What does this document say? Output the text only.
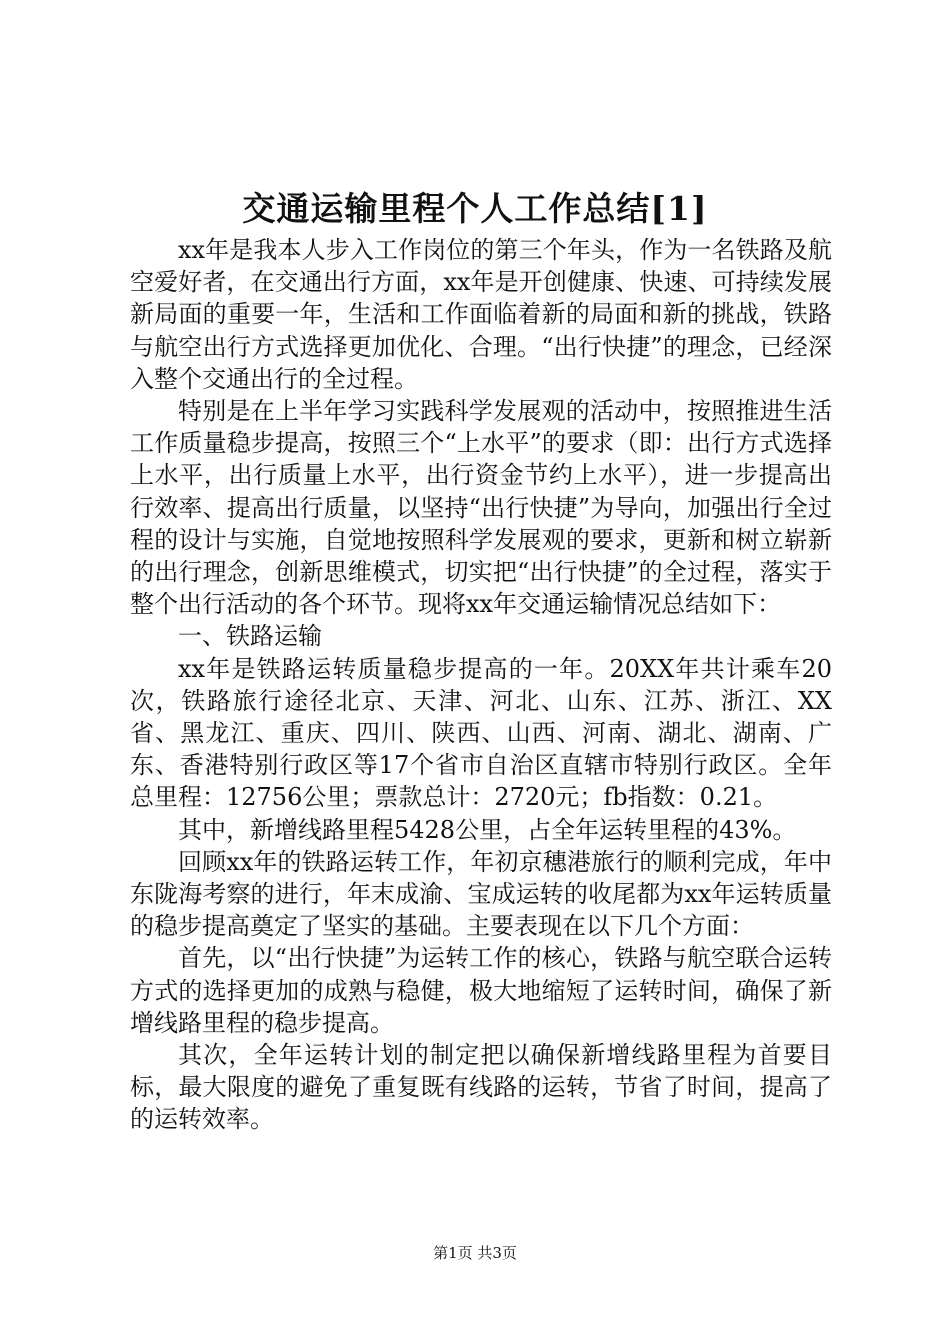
交通运输里程个人工作总结[1]

xx年是我本人步入工作岗位的第三个年头，作为一名铁路及航空爱好者，在交通出行方面，xx年是开创健康、快速、可持续发展新局面的重要一年，生活和工作面临着新的局面和新的挑战，铁路与航空出行方式选择更加优化、合理。“出行快捷”的理念，已经深入整个交通出行的全过程。

特别是在上半年学习实践科学发展观的活动中，按照推进生活工作质量稳步提高，按照三个“上水平”的要求（即：出行方式选择上水平，出行质量上水平，出行资金节约上水平），进一步提高出行效率、提高出行质量，以坚持“出行快捷”为导向，加强出行全过程的设计与实施，自觉地按照科学发展观的要求，更新和树立崭新的出行理念，创新思维模式，切实把“出行快捷”的全过程，落实于整个出行活动的各个环节。现将xx年交通运输情况总结如下：

一、铁路运输

xx年是铁路运转质量稳步提高的一年。20XX年共计乘车20次，铁路旅行途径北京、天津、河北、山东、江苏、浙江、XX省、黑龙江、重庆、四川、陕西、山西、河南、湖北、湖南、广东、香港特别行政区等17个省市自治区直辖市特别行政区。全年总里程：12756公里；票款总计：2720元；fb指数：0.21。

其中，新增线路里程5428公里，占全年运转里程的43%。

回顾xx年的铁路运转工作，年初京穗港旅行的顺利完成，年中东陇海考察的进行，年末成渝、宝成运转的收尾都为xx年运转质量的稳步提高奠定了坚实的基础。主要表现在以下几个方面：

首先，以“出行快捷”为运转工作的核心，铁路与航空联合运转方式的选择更加的成熟与稳健，极大地缩短了运转时间，确保了新增线路里程的稳步提高。

其次，全年运转计划的制定把以确保新增线路里程为首要目标，最大限度的避免了重复既有线路的运转，节省了时间，提高了的运转效率。

第1页 共3页
